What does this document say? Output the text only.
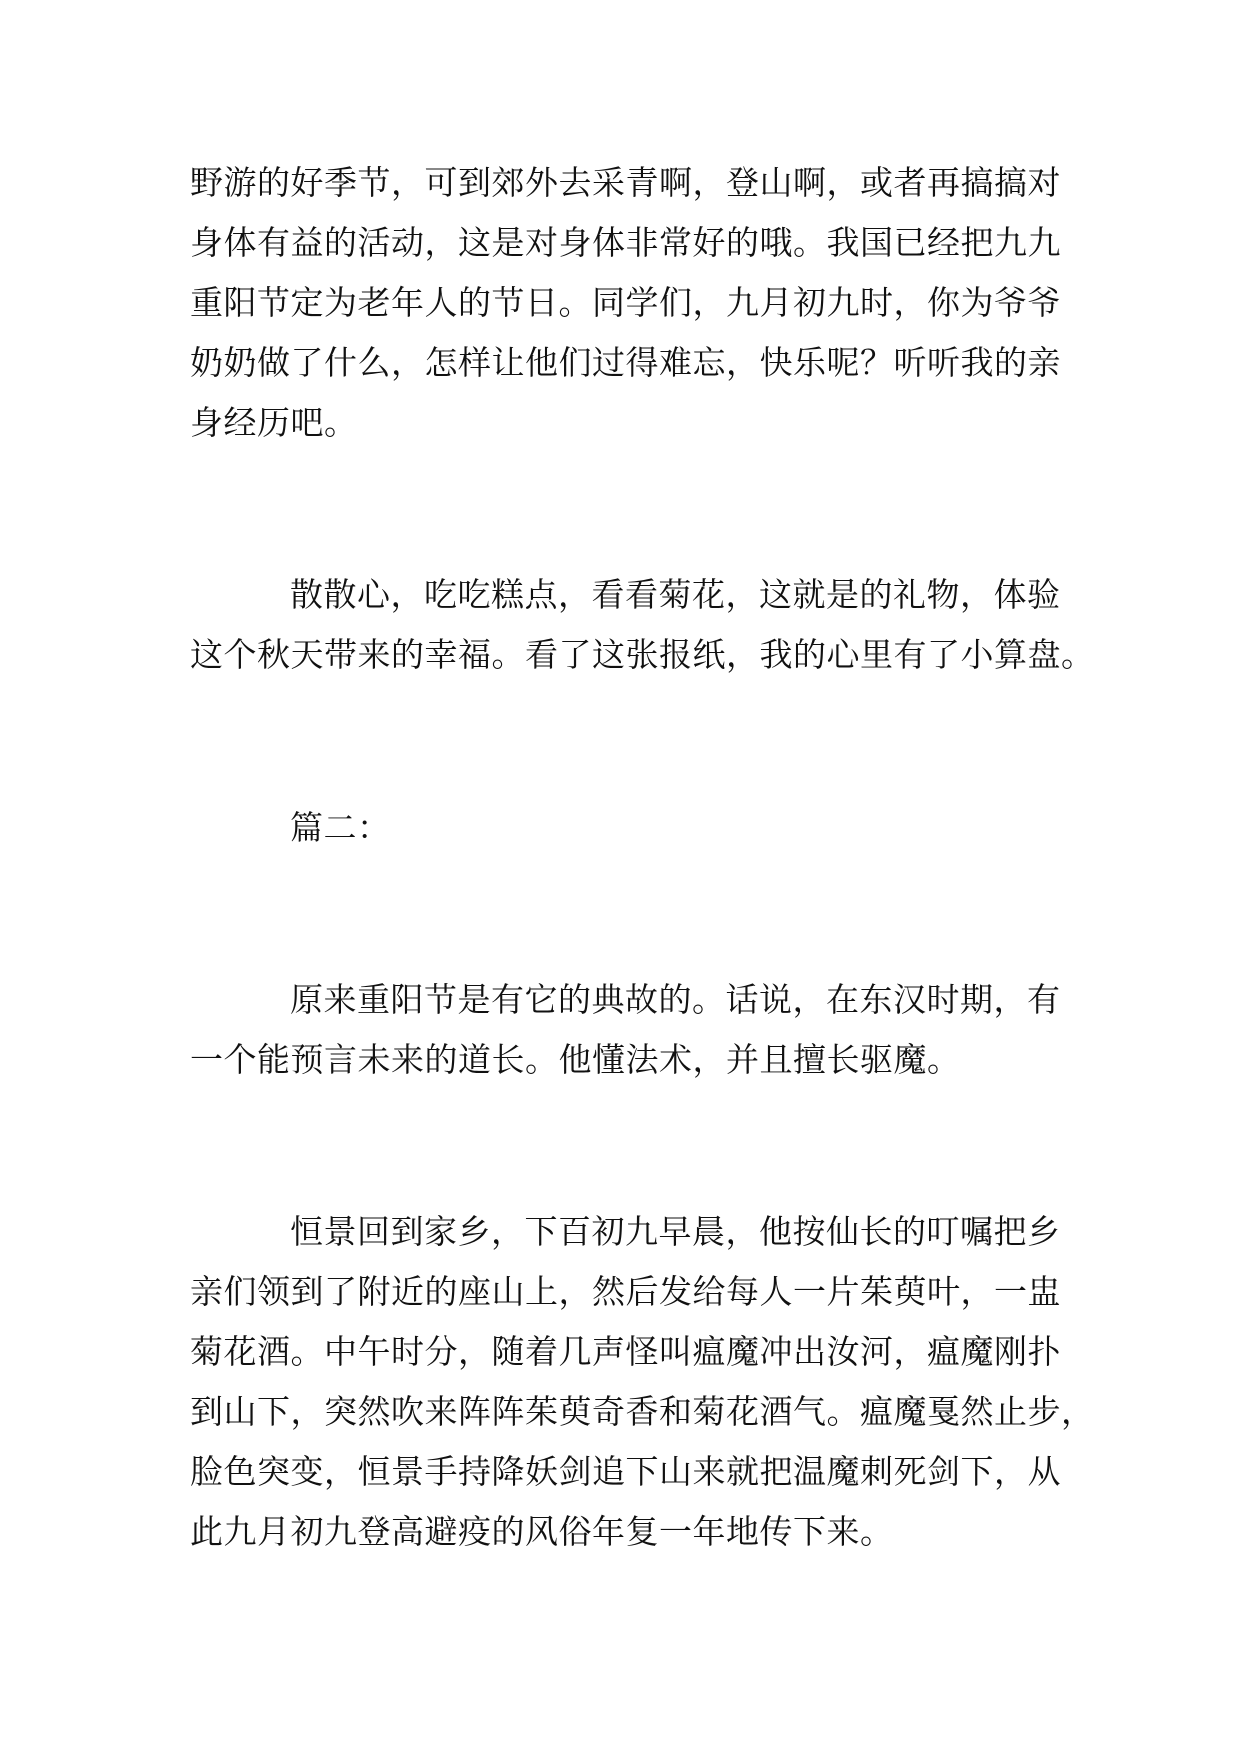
野游的好季节，可到郊外去采青啊，登山啊，或者再搞搞对
身体有益的活动，这是对身体非常好的哦。我国已经把九九
重阳节定为老年人的节日。同学们，九月初九时，你为爷爷
奶奶做了什么，怎样让他们过得难忘，快乐呢？听听我的亲
身经历吧。
散散心，吃吃糕点，看看菊花，这就是的礼物，体验
这个秋天带来的幸福。看了这张报纸，我的心里有了小算盘。
篇二：
原来重阳节是有它的典故的。话说，在东汉时期，有
一个能预言未来的道长。他懂法术，并且擅长驱魔。
恒景回到家乡，下百初九早晨，他按仙长的叮嘱把乡
亲们领到了附近的座山上，然后发给每人一片茱萸叶，一盅
菊花酒。中午时分，随着几声怪叫瘟魔冲出汝河，瘟魔刚扑
到山下，突然吹来阵阵茱萸奇香和菊花酒气。瘟魔戛然止步，
脸色突变，恒景手持降妖剑追下山来就把温魔刺死剑下，从
此九月初九登高避疫的风俗年复一年地传下来。
